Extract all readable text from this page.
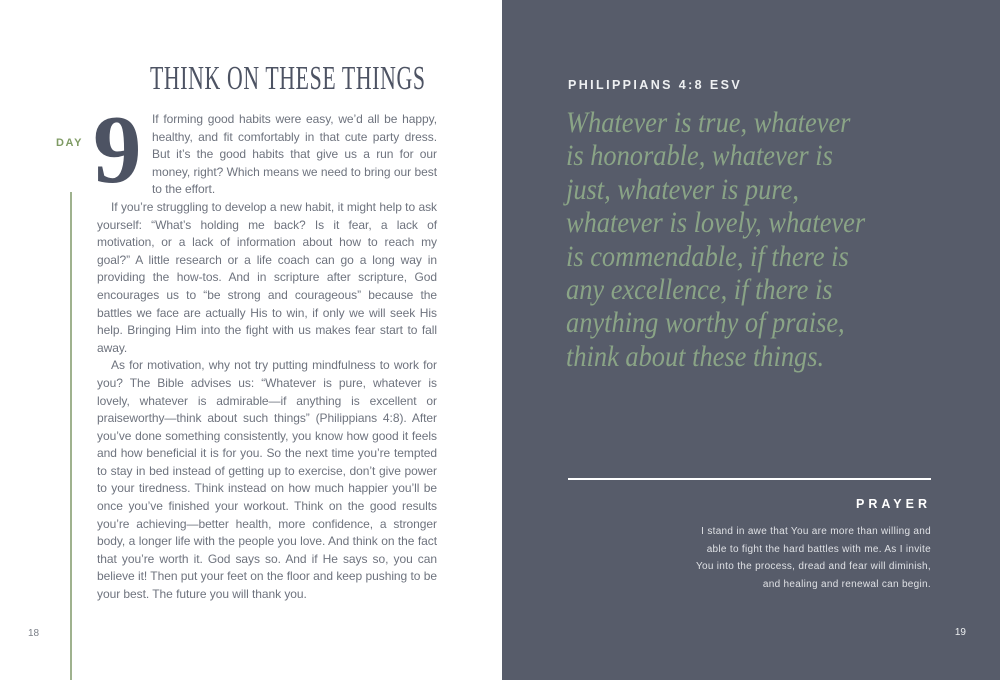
THINK ON THESE THINGS
DAY 9 If forming good habits were easy, we’d all be happy, healthy, and fit comfortably in that cute party dress. But it’s the good habits that give us a run for our money, right? Which means we need to bring our best to the effort.

If you’re struggling to develop a new habit, it might help to ask yourself: “What’s holding me back? Is it fear, a lack of motivation, or a lack of information about how to reach my goal?” A little research or a life coach can go a long way in providing the how-tos. And in scripture after scripture, God encourages us to “be strong and courageous” because the battles we face are actually His to win, if only we will seek His help. Bringing Him into the fight with us makes fear start to fall away.

As for motivation, why not try putting mindfulness to work for you? The Bible advises us: “Whatever is pure, whatever is lovely, whatever is admirable—if anything is excellent or praiseworthy—think about such things” (Philippians 4:8). After you’ve done something consistently, you know how good it feels and how beneficial it is for you. So the next time you’re tempted to stay in bed instead of getting up to exercise, don’t give power to your tiredness. Think instead on how much happier you’ll be once you’ve finished your workout. Think on the good results you’re achieving—better health, more confidence, a stronger body, a longer life with the people you love. And think on the fact that you’re worth it. God says so. And if He says so, you can believe it! Then put your feet on the floor and keep pushing to be your best. The future you will thank you.

18
PHILIPPIANS 4:8 ESV
Whatever is true, whatever
is honorable, whatever is
just, whatever is pure,
whatever is lovely, whatever
is commendable, if there is
any excellence, if there is
anything worthy of praise,
think about these things.
PRAYER
I stand in awe that You are more than willing and
able to fight the hard battles with me. As I invite
You into the process, dread and fear will diminish,
and healing and renewal can begin.
19
